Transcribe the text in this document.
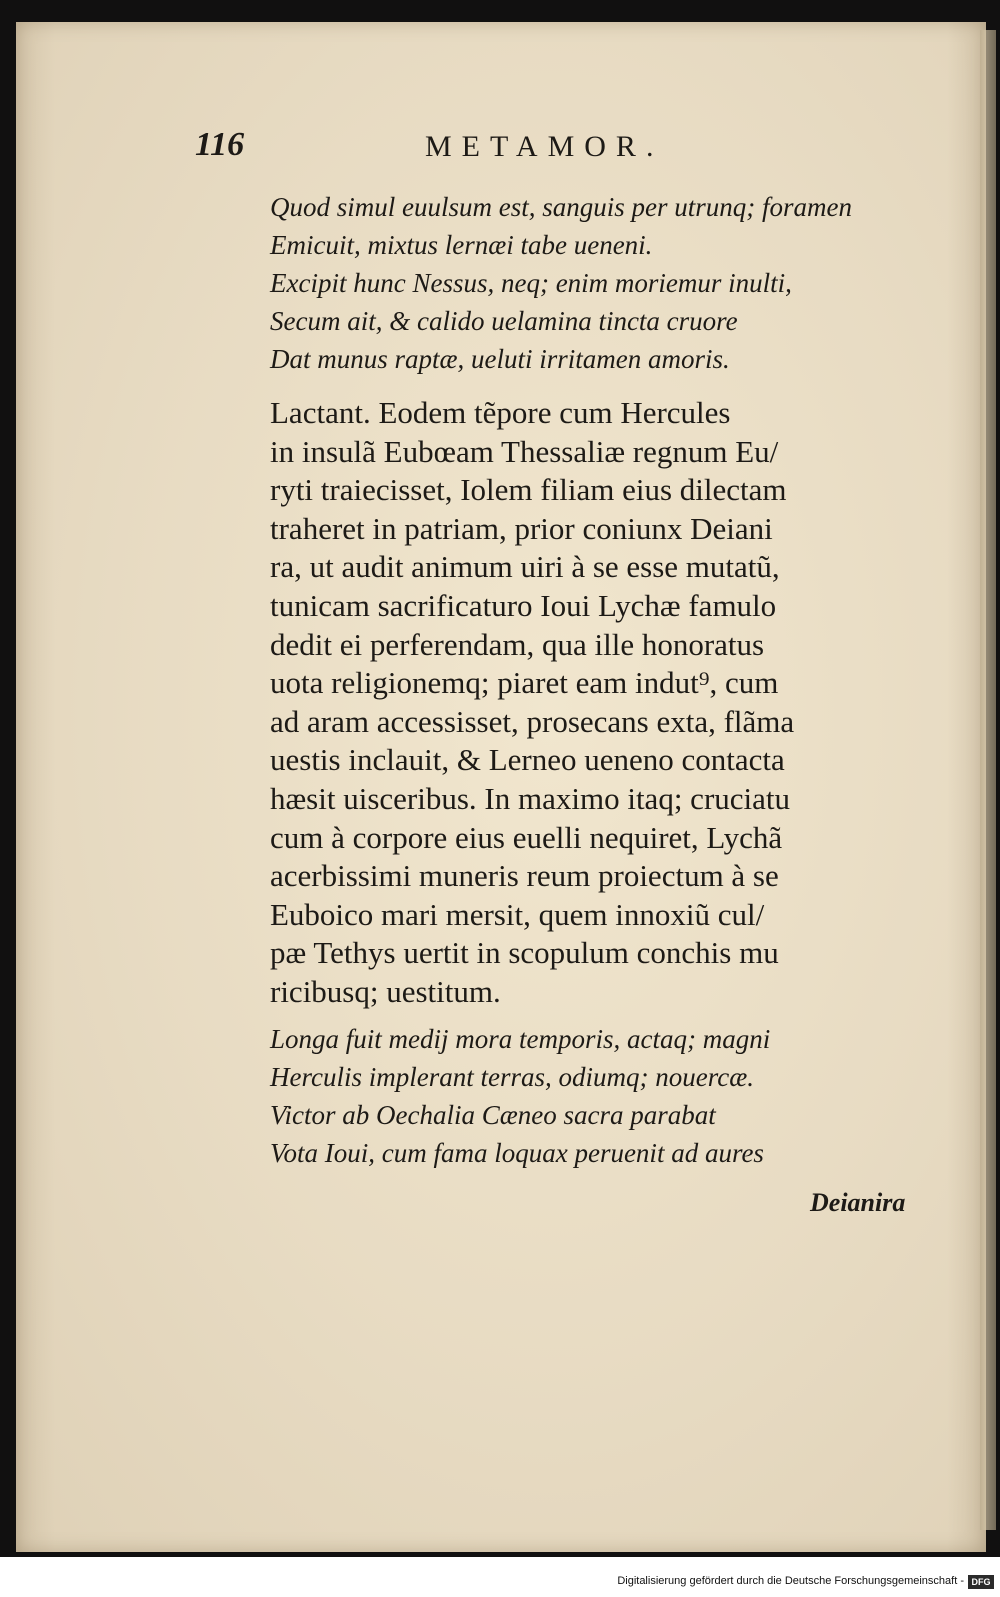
116	METAMOR.
Quod simul euulsum est, sanguis per utrunq; foramen
Emicuit, mixtus lernæi tabe ueneni.
Excipit hunc Nessus, neq; enim moriemur inulti,
Secum ait, & calido uelamina tincta cruore
Dat munus raptæ, ueluti irritamen amoris.
Lactant. Eodem tẽpore cum Hercules
in insulã Eubœam Thessaliæ regnum Eu/
ryti traiecisset, Iolem filiam eius dilectam
traheret in patriam, prior coniunx Deiani
ra, ut audit animum uiri à se esse mutatũ,
tunicam sacrificaturo Ioui Lychæ famulo
dedit ei perferendam, qua ille honoratus
uota religionemq; piaret eam indut⁹, cum
ad aram accessisset, prosecans exta, flãma
uestis inclauit, & Lerneo ueneno contacta
hæsit uisceribus. In maximo itaq; cruciatu
cum à corpore eius euelli nequiret, Lychã
acerbissimi muneris reum proiectum à se
Euboico mari mersit, quem innoxiũ cul/
pæ Tethys uertit in scopulum conchis mu
ricibusq; uestitum.
Longa fuit medij mora temporis, actaq; magni
Herculis implerant terras, odiumq; nouercæ.
Victor ab Oechalia Cæneo sacra parabat
Vota Ioui, cum fama loquax peruenit ad aures
Deianira
Digitalisierung gefördert durch die Deutsche Forschungsgemeinschaft - DFG
